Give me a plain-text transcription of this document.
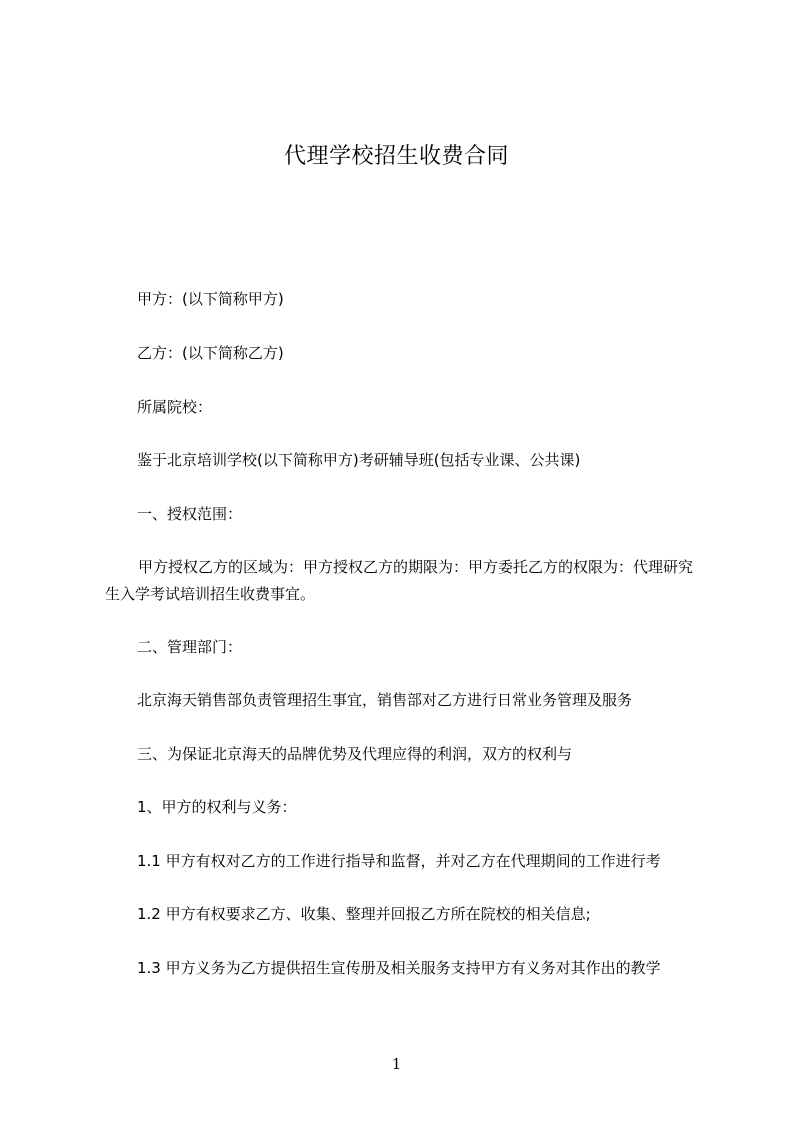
代理学校招生收费合同
甲方：(以下简称甲方)
乙方：(以下简称乙方)
所属院校：
鉴于北京培训学校(以下简称甲方)考研辅导班(包括专业课、公共课)
一、授权范围：
甲方授权乙方的区域为：甲方授权乙方的期限为：甲方委托乙方的权限为：代理研究生入学考试培训招生收费事宜。
二、管理部门：
北京海天销售部负责管理招生事宜，销售部对乙方进行日常业务管理及服务
三、为保证北京海天的品牌优势及代理应得的利润，双方的权利与
1、甲方的权利与义务：
1.1 甲方有权对乙方的工作进行指导和监督，并对乙方在代理期间的工作进行考
1.2 甲方有权要求乙方、收集、整理并回报乙方所在院校的相关信息;
1.3 甲方义务为乙方提供招生宣传册及相关服务支持甲方有义务对其作出的教学
1
